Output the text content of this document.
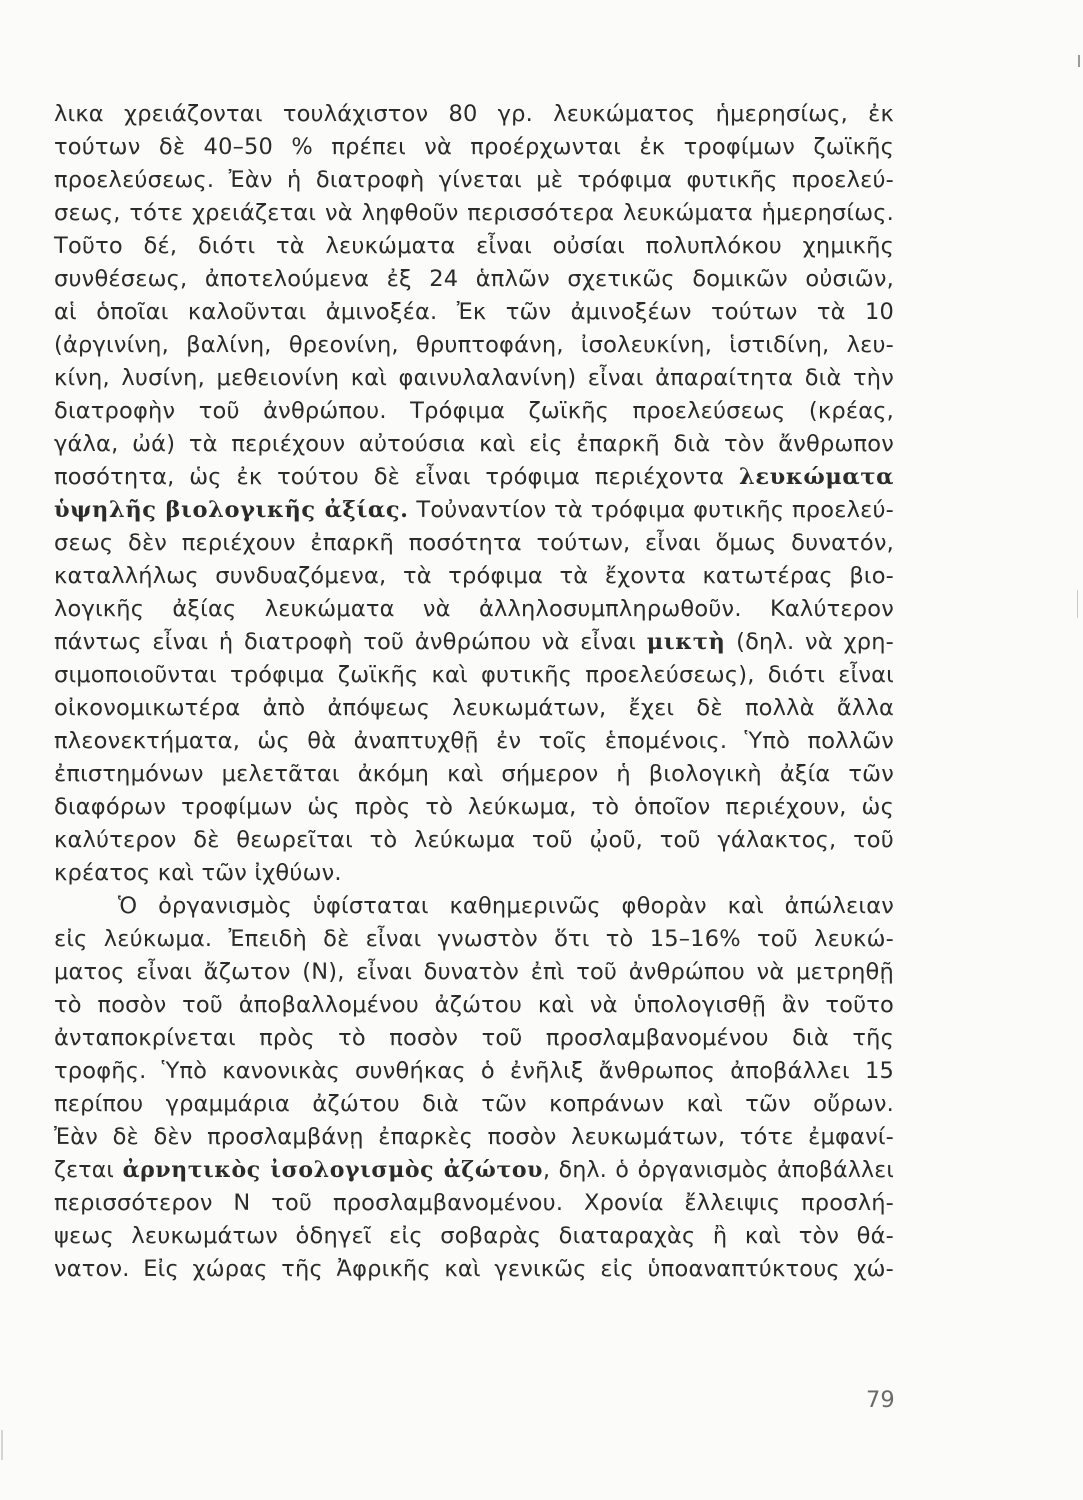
λικα χρειάζονται τουλάχιστον 80 γρ. λευκώματος ἡμερησίως, ἐκ
τούτων δὲ 40–50 % πρέπει νὰ προέρχωνται ἐκ τροφίμων ζωϊκῆς
προελεύσεως. Ἐὰν ἡ διατροφὴ γίνεται μὲ τρόφιμα φυτικῆς προελεύ-
σεως, τότε χρειάζεται νὰ ληφθοῦν περισσότερα λευκώματα ἡμερησίως.
Τοῦτο δέ, διότι τὰ λευκώματα εἶναι οὐσίαι πολυπλόκου χημικῆς
συνθέσεως, ἀποτελούμενα ἐξ 24 ἁπλῶν σχετικῶς δομικῶν οὐσιῶν,
αἱ ὁποῖαι καλοῦνται ἀμινοξέα. Ἐκ τῶν ἀμινοξέων τούτων τὰ 10
(ἀργινίνη, βαλίνη, θρεονίνη, θρυπτοφάνη, ἰσολευκίνη, ἱστιδίνη, λευ-
κίνη, λυσίνη, μεθειονίνη καὶ φαινυλαλανίνη) εἶναι ἀπαραίτητα διὰ τὴν
διατροφὴν τοῦ ἀνθρώπου. Τρόφιμα ζωϊκῆς προελεύσεως (κρέας,
γάλα, ὠά) τὰ περιέχουν αὐτούσια καὶ εἰς ἐπαρκῆ διὰ τὸν ἄνθρωπον
ποσότητα, ὡς ἐκ τούτου δὲ εἶναι τρόφιμα περιέχοντα λευκώματα
ὑψηλῆς βιολογικῆς ἀξίας. Τοὐναντίον τὰ τρόφιμα φυτικῆς προελεύ-
σεως δὲν περιέχουν ἐπαρκῆ ποσότητα τούτων, εἶναι ὅμως δυνατόν,
καταλλήλως συνδυαζόμενα, τὰ τρόφιμα τὰ ἔχοντα κατωτέρας βιο-
λογικῆς ἀξίας λευκώματα νὰ ἀλληλοσυμπληρωθοῦν. Καλύτερον
πάντως εἶναι ἡ διατροφὴ τοῦ ἀνθρώπου νὰ εἶναι μικτὴ (δηλ. νὰ χρη-
σιμοποιοῦνται τρόφιμα ζωϊκῆς καὶ φυτικῆς προελεύσεως), διότι εἶναι
οἰκονομικωτέρα ἀπὸ ἀπόψεως λευκωμάτων, ἔχει δὲ πολλὰ ἄλλα
πλεονεκτήματα, ὡς θὰ ἀναπτυχθῇ ἐν τοῖς ἑπομένοις. Ὑπὸ πολλῶν
ἐπιστημόνων μελετᾶται ἀκόμη καὶ σήμερον ἡ βιολογικὴ ἀξία τῶν
διαφόρων τροφίμων ὡς πρὸς τὸ λεύκωμα, τὸ ὁποῖον περιέχουν, ὡς
καλύτερον δὲ θεωρεῖται τὸ λεύκωμα τοῦ ᾠοῦ, τοῦ γάλακτος, τοῦ
κρέατος καὶ τῶν ἰχθύων.
Ὁ ὀργανισμὸς ὑφίσταται καθημερινῶς φθορὰν καὶ ἀπώλειαν
εἰς λεύκωμα. Ἐπειδὴ δὲ εἶναι γνωστὸν ὅτι τὸ 15–16% τοῦ λευκώ-
ματος εἶναι ἄζωτον (Ν), εἶναι δυνατὸν ἐπὶ τοῦ ἀνθρώπου νὰ μετρηθῇ
τὸ ποσὸν τοῦ ἀποβαλλομένου ἀζώτου καὶ νὰ ὑπολογισθῇ ἂν τοῦτο
ἀνταποκρίνεται πρὸς τὸ ποσὸν τοῦ προσλαμβανομένου διὰ τῆς
τροφῆς. Ὑπὸ κανονικὰς συνθήκας ὁ ἐνῆλιξ ἄνθρωπος ἀποβάλλει 15
περίπου γραμμάρια ἀζώτου διὰ τῶν κοπράνων καὶ τῶν οὔρων.
Ἐὰν δὲ δὲν προσλαμβάνῃ ἐπαρκὲς ποσὸν λευκωμάτων, τότε ἐμφανί-
ζεται ἀρνητικὸς ἰσολογισμὸς ἀζώτου, δηλ. ὁ ὀργανισμὸς ἀποβάλλει
περισσότερον Ν τοῦ προσλαμβανομένου. Χρονία ἔλλειψις προσλή-
ψεως λευκωμάτων ὁδηγεῖ εἰς σοβαρὰς διαταραχὰς ἢ καὶ τὸν θά-
νατον. Εἰς χώρας τῆς Ἀφρικῆς καὶ γενικῶς εἰς ὑποαναπτύκτους χώ-
79
